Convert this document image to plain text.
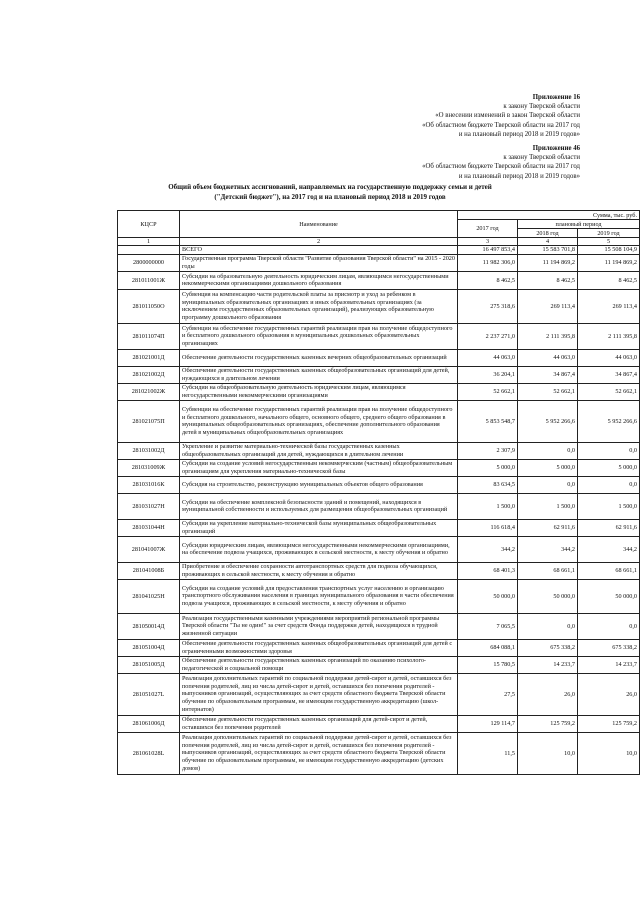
Приложение 16
к закону Тверской области
«О внесении изменений в закон Тверской области
«Об областном бюджете Тверской области на 2017 год
и на плановый период 2018 и 2019 годов»
Приложение 46
к закону Тверской области
«Об областном бюджете Тверской области на 2017 год
и на плановый период 2018 и 2019 годов»
Общий объем бюджетных ассигнований, направляемых на государственную поддержку семьи и детей
("Детский бюджет"), на 2017 год и на плановый период 2018 и 2019 годов
КЦСР	Наименование	Сумма, тыс. руб.		
		2017 год	плановый период	
			2018 год	2019 год
1	2	3	4	5
	ВСЕГО	16 497 853,4	15 583 701,8	15 508 104,9
2800000000	Государственная программа Тверской области "Развитие образования Тверской области" на 2015 - 2020 годы	11 982 306,0	11 194 869,2	11 194 869,2
281011001Ж	Субсидии на образовательную деятельность юридическим лицам, являющимся негосударственными некоммерческими организациями дошкольного образования	8 462,5	8 462,5	8 462,5
281011050О	Субвенция на компенсацию части родительской платы за присмотр и уход за ребенком в муниципальных образовательных организациях и иных образовательных организациях (за исключением государственных образовательных организаций), реализующих образовательную программу дошкольного образования	275 318,6	269 113,4	269 113,4
281011074П	Субвенции на обеспечение государственных гарантий реализации прав на получение общедоступного и бесплатного дошкольного образования в муниципальных дошкольных образовательных организациях	2 237 271,0	2 111 395,8	2 111 395,8
281021001Д	Обеспечение деятельности государственных казенных вечерних общеобразовательных организаций	44 063,0	44 063,0	44 063,0
281021002Д	Обеспечение деятельности государственных казенных общеобразовательных организаций для детей, нуждающихся в длительном лечении	36 204,1	34 867,4	34 867,4
281021002Ж	Субсидии на общеобразовательную деятельность юридическим лицам, являющимся негосударственными некоммерческими организациями	52 662,1	52 662,1	52 662,1
281021075П	Субвенции на обеспечение государственных гарантий реализации прав на получение общедоступного и бесплатного дошкольного, начального общего, основного общего, среднего общего образования в муниципальных общеобразовательных организациях, обеспечение дополнительного образования детей в муниципальных общеобразовательных организациях	5 853 548,7	5 952 266,6	5 952 266,6
281031002Д	Укрепление и развитие материально-технической базы государственных казенных общеобразовательных организаций для детей, нуждающихся в длительном лечении	2 307,9	0,0	0,0
281031009Ж	Субсидии на создание условий негосударственным некоммерческим (частным) общеобразовательным организациям для укрепления материально-технической базы	5 000,0	5 000,0	5 000,0
281031016К	Субсидия на строительство, реконструкцию муниципальных объектов общего образования	83 634,5	0,0	0,0
281031027Н	Субсидии на обеспечение комплексной безопасности зданий и помещений, находящихся в муниципальной собственности и используемых для размещения общеобразовательных организаций	1 500,0	1 500,0	1 500,0
281031044Н	Субсидии на укрепление материально-технической базы муниципальных общеобразовательных организаций	116 618,4	62 911,6	62 911,6
281041007Ж	Субсидии юридическим лицам, являющимся негосударственными некоммерческими организациями, на обеспечение подвоза учащихся, проживающих в сельской местности, к месту обучения и обратно	344,2	344,2	344,2
281041008Б	Приобретение и обеспечение сохранности автотранспортных средств для подвоза обучающихся, проживающих в сельской местности, к месту обучения и обратно	68 401,3	68 661,1	68 661,1
281041025Н	Субсидии на создание условий для предоставления транспортных услуг населению и организацию транспортного обслуживания населения в границах муниципального образования в части обеспечения подвоза учащихся, проживающих в сельской местности, к месту обучения и обратно	50 000,0	50 000,0	50 000,0
281050014Д	Реализация государственными казенными учреждениями мероприятий региональной программы Тверской области "Ты не один!" за счет средств Фонда поддержки детей, находящихся в трудной жизненной ситуации	7 065,5	0,0	0,0
281051004Д	Обеспечение деятельности государственных казенных общеобразовательных организаций для детей с ограниченными возможностями здоровья	684 088,1	675 338,2	675 338,2
281051005Д	Обеспечение деятельности государственных казенных организаций по оказанию психолого-педагогической и социальной помощи	15 780,5	14 233,7	14 233,7
281051027L	Реализация дополнительных гарантий по социальной поддержке детей-сирот и детей, оставшихся без попечения родителей, лиц из числа детей-сирот и детей, оставшихся без попечения родителей - выпускников организаций, осуществляющих за счет средств областного бюджета Тверской области обучение по образовательным программам, не имеющим государственную аккредитацию (школ-интернатов)	27,5	26,0	26,0
281061006Д	Обеспечение деятельности государственных казенных организаций для детей-сирот и детей, оставшихся без попечения родителей	129 114,7	125 759,2	125 759,2
281061028L	Реализация дополнительных гарантий по социальной поддержке детей-сирот и детей, оставшихся без попечения родителей, лиц из числа детей-сирот и детей, оставшихся без попечения родителей - выпускников организаций, осуществляющих за счет средств областного бюджета Тверской области обучение по образовательным программам, не имеющим государственную аккредитацию (детских домов)	11,5	10,0	10,0
